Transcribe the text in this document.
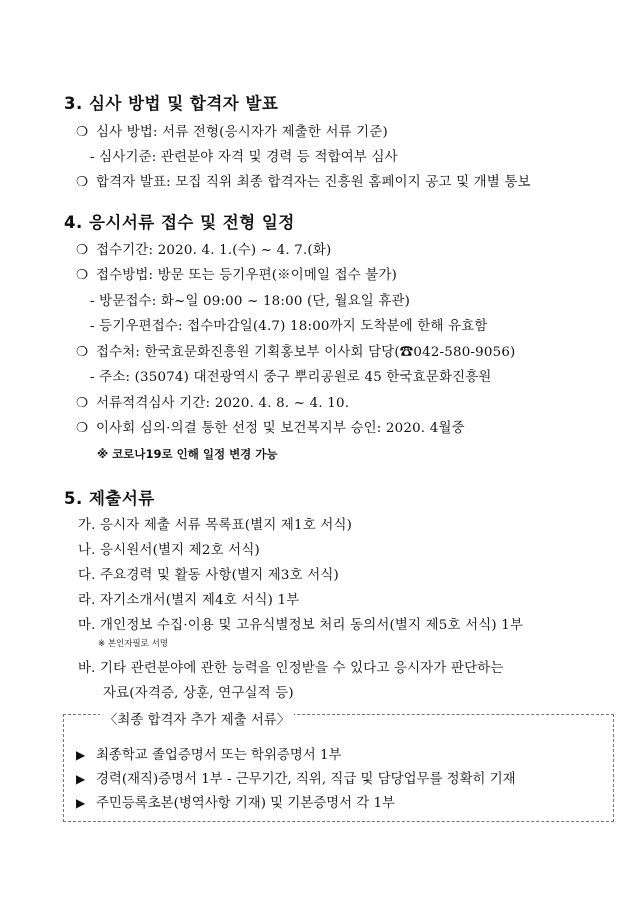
3. 심사 방법 및 합격자 발표
❍ 심사 방법: 서류 전형(응시자가 제출한 서류 기준)
- 심사기준: 관련분야 자격 및 경력 등 적합여부 심사
❍ 합격자 발표: 모집 직위 최종 합격자는 진흥원 홈페이지 공고 및 개별 통보
4. 응시서류 접수 및 전형 일정
❍ 접수기간: 2020. 4. 1.(수) ~ 4. 7.(화)
❍ 접수방법: 방문 또는 등기우편(※이메일 접수 불가)
- 방문접수: 화~일 09:00 ~ 18:00 (단, 월요일 휴관)
- 등기우편접수: 접수마감일(4.7) 18:00까지 도착분에 한해 유효함
❍ 접수처: 한국효문화진흥원 기획홍보부 이사회 담당(☎042-580-9056)
- 주소: (35074) 대전광역시 중구 뿌리공원로 45 한국효문화진흥원
❍ 서류적격심사 기간: 2020. 4. 8. ~ 4. 10.
❍ 이사회 심의·의결 통한 선정 및 보건복지부 승인: 2020. 4월중
※ 코로나19로 인해 일정 변경 가능
5. 제출서류
가. 응시자 제출 서류 목록표(별지 제1호 서식)
나. 응시원서(별지 제2호 서식)
다. 주요경력 및 활동 사항(별지 제3호 서식)
라. 자기소개서(별지 제4호 서식) 1부
마. 개인정보 수집·이용 및 고유식별정보 처리 동의서(별지 제5호 서식) 1부
※ 본인자필로 서명
바. 기타 관련분야에 관한 능력을 인정받을 수 있다고 응시자가 판단하는
자료(자격증, 상훈, 연구실적 등)
〈최종 합격자 추가 제출 서류〉
▶ 최종학교 졸업증명서 또는 학위증명서 1부
▶ 경력(재직)증명서 1부 - 근무기간, 직위, 직급 및 담당업무를 정확히 기재
▶ 주민등록초본(병역사항 기재) 및 기본증명서 각 1부
